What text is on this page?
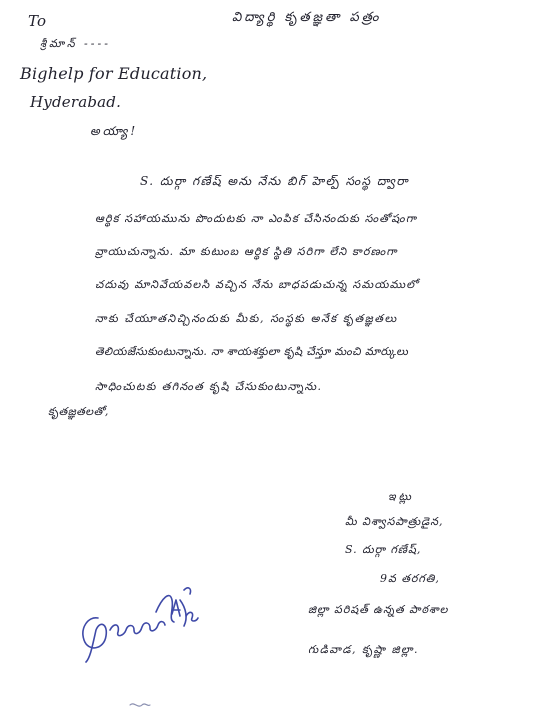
విద్యార్థి కృతజ్ఞతా పత్రం
To
శ్రీమాన్ ----
Bighelp for Education,
Hyderabad.
అయ్యా!
S. దుర్గా గణేష్ అను నేను బిగ్ హెల్ప్ సంస్థ ద్వారా
ఆర్థిక సహాయమును పొందుటకు నా ఎంపిక చేసినందుకు సంతోషంగా
వ్రాయుచున్నాను. మా కుటుంబ ఆర్థిక స్థితి సరిగా లేని కారణంగా
చదువు మానివేయవలసి వచ్చిన నేను బాధపడుచున్న సమయములో
నాకు చేయూతనిచ్చినందుకు మీకు, సంస్థకు అనేక కృతజ్ఞతలు
తెలియజేసుకుంటున్నాను. నా శాయశక్తులా కృషి చేస్తూ మంచి మార్కులు
సాధించుటకు తగినంత కృషి చేసుకుంటున్నాను.
కృతజ్ఞతలతో,
ఇట్లు
మీ విశ్వాసపాత్రుడైన,
S. దుర్గా గణేష్,
9వ తరగతి,
జిల్లా పరిషత్ ఉన్నత పాఠశాల
గుడివాడ, కృష్ణా జిల్లా.
